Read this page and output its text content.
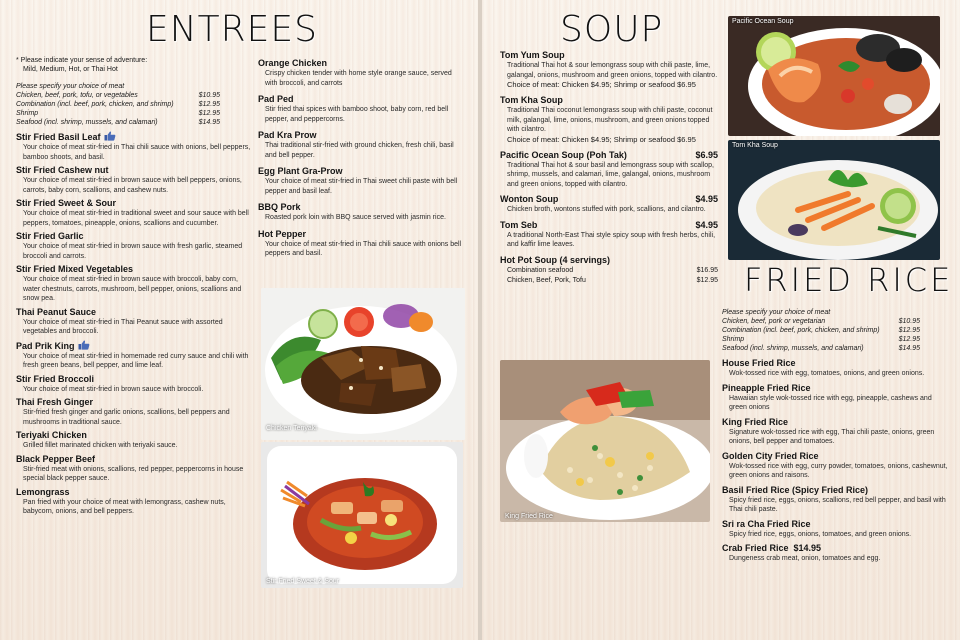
ENTREES
* Please indicate your sense of adventure:
Mild, Medium, Hot, or Thai Hot
Please specify your choice of meat
Chicken, beef, pork, tofu, or vegetables	$10.95
Combination (incl. beef, pork, chicken, and shrimp)	$12.95
Shrimp	$12.95
Seafood (incl. shrimp, mussels, and calamari)	$14.95
Stir Fried Basil Leaf
Your choice of meat stir-fried in Thai chili sauce with onions, bell peppers, bamboo shoots, and basil.
Stir Fried Cashew nut
Your choice of meat stir-fried in brown sauce with bell peppers, onions, carrots, baby corn, scallions, and cashew nuts.
Stir Fried Sweet & Sour
Your choice of meat stir-fried in traditional sweet and sour sauce with bell peppers, tomatoes, pineapple, onions, scallions and cucumber.
Stir Fried Garlic
Your choice of meat stir-fried in brown sauce with fresh garlic, steamed broccoli and carrots.
Stir Fried Mixed Vegetables
Your choice of meat stir-fried in brown sauce with broccoli, baby corn, water chestnuts, carrots, mushroom, bell pepper, onions, scallions and snow pea.
Thai Peanut Sauce
Your choice of meat stir-fried in Thai Peanut sauce with assorted vegetables and broccoli.
Pad Prik King
Your choice of meat stir-fried in homemade red curry sauce and chili with fresh green beans, bell pepper, and lime leaf.
Stir Fried Broccoli
Your choice of meat stir-fried in brown sauce with broccoli.
Thai Fresh Ginger
Stir-fried fresh ginger and garlic onions, scallions, bell peppers and mushrooms in traditional sauce.
Teriyaki Chicken
Grilled fillet marinated chicken with teriyaki sauce.
Black Pepper Beef
Stir-fried meat with onions, scallions, red pepper, peppercorns in house special black pepper sauce.
Lemongrass
Pan fried with your choice of meat with lemongrass, cashew nuts, babycorn, onions, and bell peppers.
Orange Chicken
Crispy chicken tender with home style orange sauce, served with broccoli, and carrots
Pad Ped
Stir fried thai spices with bamboo shoot, baby corn, red bell pepper, and peppercorns.
Pad Kra Prow
Thai traditional stir-fried with ground chicken, fresh chili, basil and bell pepper.
Egg Plant Gra-Prow
Your choice of meat stir-fried in Thai sweet chili paste with bell pepper and basil leaf.
BBQ Pork
Roasted pork loin with BBQ sauce served with jasmin rice.
Hot Pepper
Your choice of meat stir-fried in Thai chili sauce with onions bell peppers and basil.
Chicken Teriyaki
Stir Fried Sweet & Sour
SOUP
Tom Yum Soup
Traditional Thai hot & sour lemongrass soup with chili paste, lime, galangal, onions, mushroom and green onions, topped with cilantro.
Choice of meat: Chicken $4.95; Shrimp or seafood $6.95
Tom Kha Soup
Traditional Thai coconut lemongrass soup with chili paste, coconut milk, galangal, lime, onions, mushroom, and green onions topped with cilantro.
Choice of meat: Chicken $4.95; Shrimp or seafood $6.95
Pacific Ocean Soup (Poh Tak)	$6.95
Traditional Thai hot & sour basil and lemongrass soup with scallop, shrimp, mussels, and calamari, lime, galangal, onions, mushroom and green onions, topped with cilantro.
Wonton Soup	$4.95
Chicken broth, wontons stuffed with pork, scallions, and cilantro.
Tom Seb	$4.95
A traditional North-East Thai style spicy soup with fresh herbs, chili, and kaffir lime leaves.
Hot Pot Soup (4 servings)
Combination seafood	$16.95
Chicken, Beef, Pork, Tofu	$12.95
King Fried Rice
Pacific Ocean Soup
Tom Kha Soup
FRIED RICE
Please specify your choice of meat
Chicken, beef, pork or vegetarian	$10.95
Combination (incl. beef, pork, chicken, and shrimp)	$12.95
Shrimp	$12.95
Seafood (incl. shrimp, mussels, and calamari)	$14.95
House Fried Rice
Wok-tossed rice with egg, tomatoes, onions, and green onions.
Pineapple Fried Rice
Hawaiian style wok-tossed rice with egg, pineapple, cashews and green onions
King Fried Rice
Signature wok-tossed rice with egg, Thai chili paste, onions, green onions, bell pepper and tomatoes.
Golden City Fried Rice
Wok-tossed rice with egg, curry powder, tomatoes, onions, cashewnut, green onions and raisons.
Basil Fried Rice (Spicy Fried Rice)
Spicy fried rice, eggs, onions, scallions, red bell pepper, and basil with Thai chili paste.
Sri ra Cha Fried Rice
Spicy fried rice, eggs, onions, tomatoes, and green onions.
Crab Fried Rice  $14.95
Dungeness crab meat, onion, tomatoes and egg.
